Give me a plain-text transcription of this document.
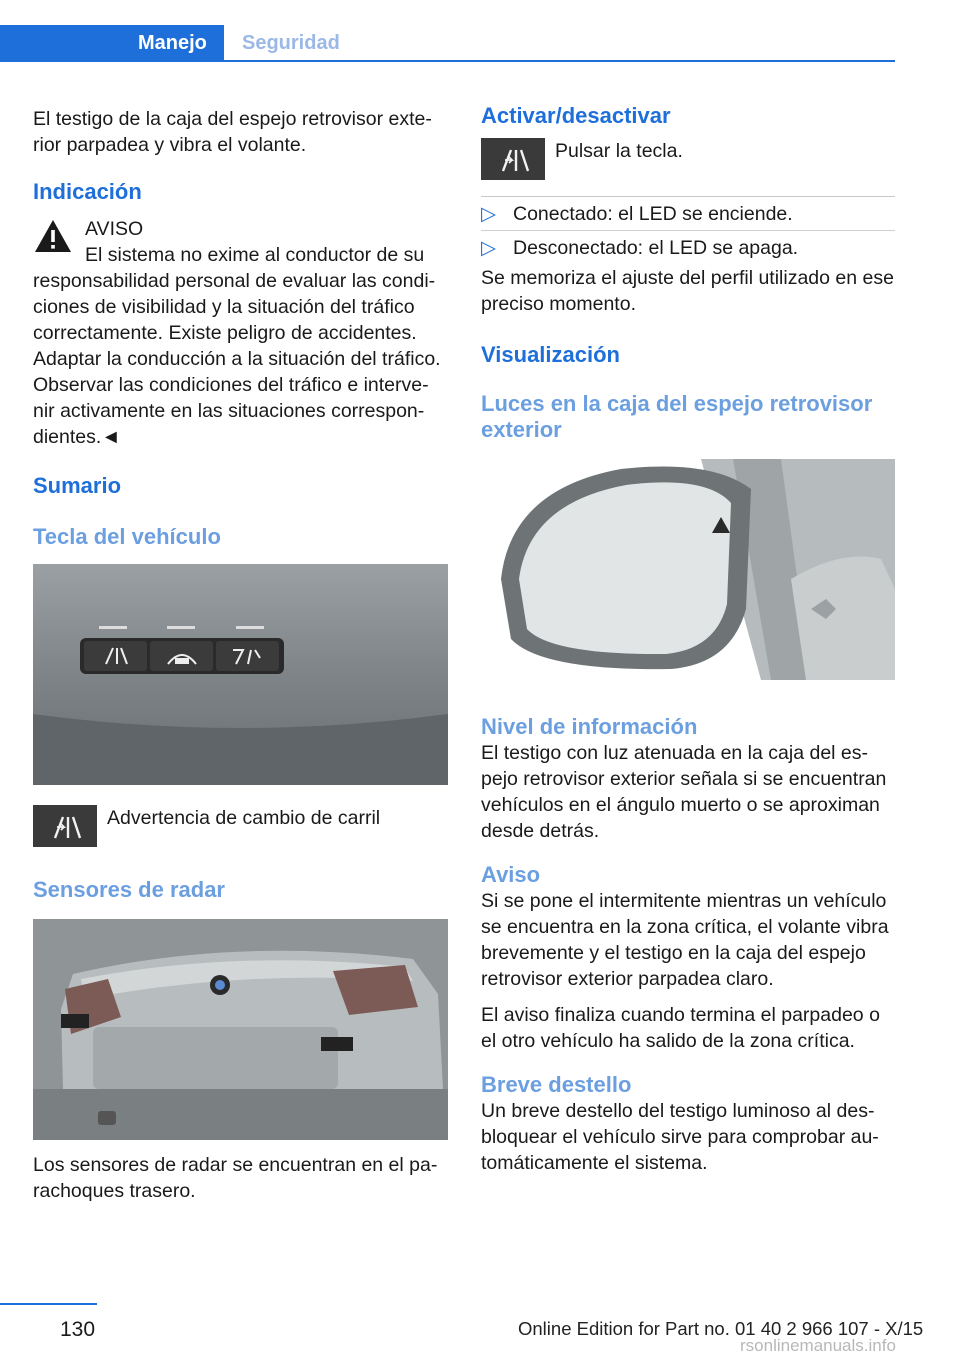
Manejo Seguridad

El testigo de la caja del espejo retrovisor exte-rior parpadea y vibra el volante.

Indicación

AVISO

El sistema no exime al conductor de su

responsabilidad personal de evaluar las condi-ciones de visibilidad y la situación del tráfico correctamente. Existe peligro de accidentes. Adaptar la conducción a la situación del tráfico. Observar las condiciones del tráfico e interve-nir activamente en las situaciones correspon-dientes.◄

Sumario
Tecla del vehículo

Advertencia de cambio de carril

Sensores de radar

Los sensores de radar se encuentran en el pa-rachoques trasero.

Activar/desactivar

Pulsar la tecla.

▷ Conectado: el LED se enciende.

▷ Desconectado: el LED se apaga.

Se memoriza el ajuste del perfil utilizado en ese preciso momento.

Visualización
Luces en la caja del espejo retrovisor exterior
Nivel de información

El testigo con luz atenuada en la caja del es-pejo retrovisor exterior señala si se encuentran vehículos en el ángulo muerto o se aproximan desde detrás.

Aviso

Si se pone el intermitente mientras un vehículo se encuentra en la zona crítica, el volante vibra brevemente y el testigo en la caja del espejo retrovisor exterior parpadea claro.

El aviso finaliza cuando termina el parpadeo o el otro vehículo ha salido de la zona crítica.

Breve destello

Un breve destello del testigo luminoso al des-bloquear el vehículo sirve para comprobar au-tomáticamente el sistema.

130	Online Edition for Part no. 01 40 2 966 107 - X/15
rsonlinemanuals.info
